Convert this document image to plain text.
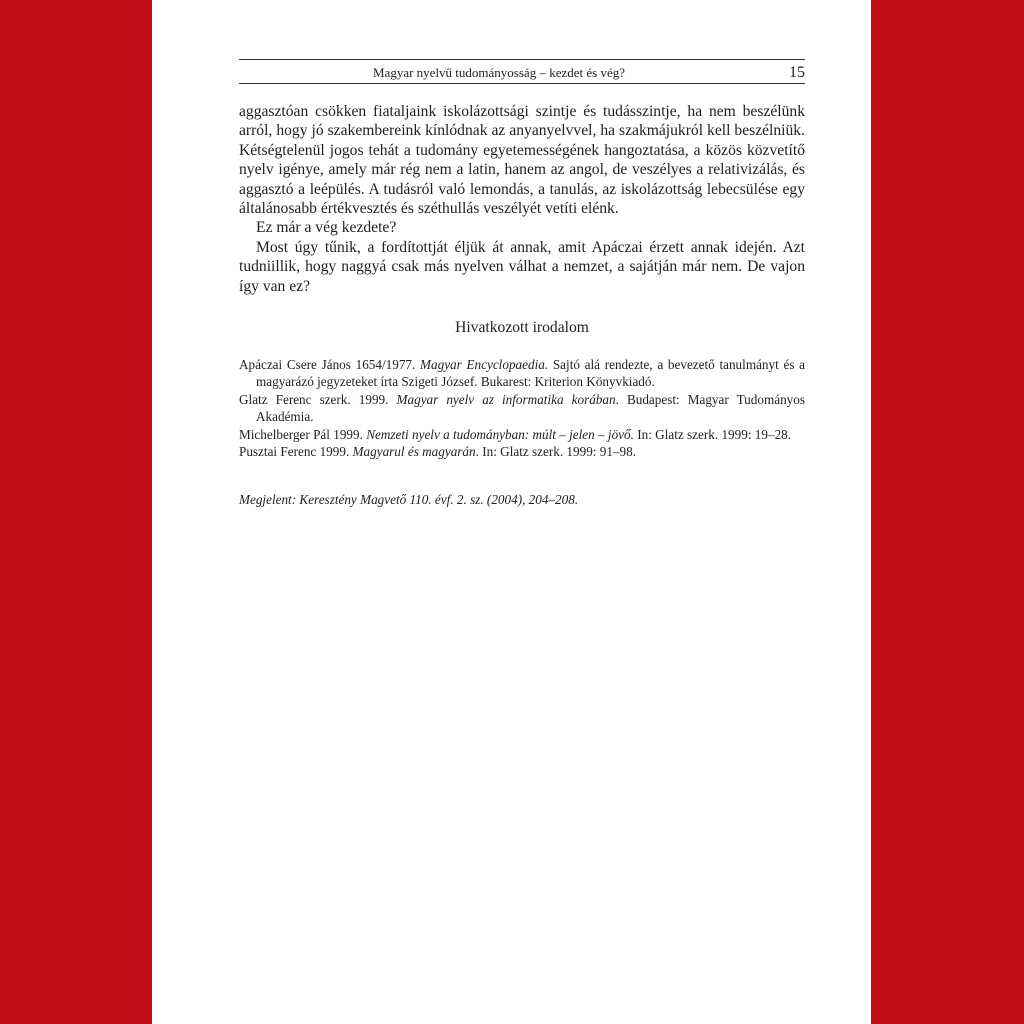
Magyar nyelvű tudományosság – kezdet és vég?	15

aggasztóan csökken fiataljaink iskolázottsági szintje és tudásszintje, ha nem beszélünk arról, hogy jó szakembereink kínlódnak az anyanyelvvel, ha szakmájukról kell beszélniük. Kétségtelenül jogos tehát a tudomány egyetemességének hangoztatása, a közös közvetítő nyelv igénye, amely már rég nem a latin, hanem az angol, de veszélyes a relativizálás, és aggasztó a leépülés. A tudásról való lemondás, a tanulás, az iskolázottság lebecsülése egy általánosabb értékvesztés és széthullás veszélyét vetíti elénk.

Ez már a vég kezdete?

Most úgy tűnik, a fordítottját éljük át annak, amit Apáczai érzett annak idején. Azt tudniillik, hogy naggyá csak más nyelven válhat a nemzet, a sajátján már nem. De vajon így van ez?

Hivatkozott irodalom

Apáczai Csere János 1654/1977. Magyar Encyclopaedia. Sajtó alá rendezte, a bevezető tanulmányt és a magyarázó jegyzeteket írta Szigeti József. Bukarest: Kriterion Könyvkiadó.

Glatz Ferenc szerk. 1999. Magyar nyelv az informatika korában. Budapest: Magyar Tudományos Akadémia.

Michelberger Pál 1999. Nemzeti nyelv a tudományban: múlt – jelen – jövő. In: Glatz szerk. 1999: 19–28.

Pusztai Ferenc 1999. Magyarul és magyarán. In: Glatz szerk. 1999: 91–98.

Megjelent: Keresztény Magvető 110. évf. 2. sz. (2004), 204–208.
